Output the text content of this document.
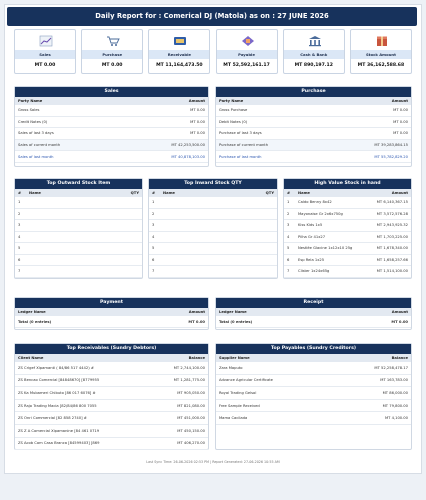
Daily Report for : Comerical DJ (Matola) as on : 27 JUNE 2026
Sales
MT 0.00
Purchase
MT 0.00
Receivable
MT 11,164,473.50
Payable
MT 52,592,161.17
Cash & Bank
MT 890,197.12
Stock Amount
MT 36,162,588.68
Sales
Party Name	Amount
Gross Sales	MT 0.00
Credit Notes (0)	MT 0.00
Sales of last 3 days	MT 0.00
Sales of current month	MT 42,253,500.00
Sales of last month	MT 40,878,103.00
Purchase
Party Name	Amount
Gross Purchase	MT 0.00
Debit Notes (0)	MT 0.00
Purchase of last 3 days	MT 0.00
Purchase of current month	MT 39,283,864.15
Purchase of last month	MT 55,782,829.20
Top Outward Stock Item
#	Name	QTY
1
2
3
4
5
6
7
Top Inward Stock QTY
#	Name	QTY
1
2
3
4
5
6
7
High Value Stock in hand
#	Name	Amount
1	Caldo Benny 8x42	MT 6,140,367.15
2	Mayonaise Gr 2x6x750g	MT 3,572,576.28
3	Kiss Kids 1x5	MT 2,943,925.32
4	Pilha Gr 41x27	MT 1,703,225.00
5	Nestlée Glacine 1x12x10 25g	MT 1,678,340.00
6	Esp Rela 1x25	MT 1,658,257.66
7	Clister 1x24x65g	MT 1,514,100.00
Payment
Ledger Name	Amount
Total (0 entries)	MT 0.00
Receipt
Ledger Name	Amount
Total (0 entries)	MT 0.00
Top Receivables (Sundry Debtors)
Client Name	Balance
ZS Crigef Xipamanti ( 84/86 517 4442) #	MT 2,744,100.00
ZS Bencao Comercial [84848670] [8779955	MT 1,281,775.00
ZS Ka Mubameri Chibuto [86 017 6076] #	MT 905,050.00
ZS Rajo Trading Macia [82/84/86 800 7055	MT 821,080.00
ZS Onri Commercial [82 858 2740] #	MT 451,000.00
ZS Z A Comercial Xipamanine [84 461 0719	MT 450,150.00
ZS Acob Com Casa Branca [84599403] [869	MT 406,270.00
Top Payables (Sundry Creditors)
Supplier Name	Balance
Zara Maputo	MT 52,258,478.17
Advance Agricular Certificate	MT 163,783.00
Royal Trading Gelsol	MT 86,000.00
Free Sample Received	MT 79,800.00
Mama Cacilada	MT 4,100.00
Last Sync Time: 26-06-2026 02:53 PM | Report Generated: 27-06-2026 10:55 AM
